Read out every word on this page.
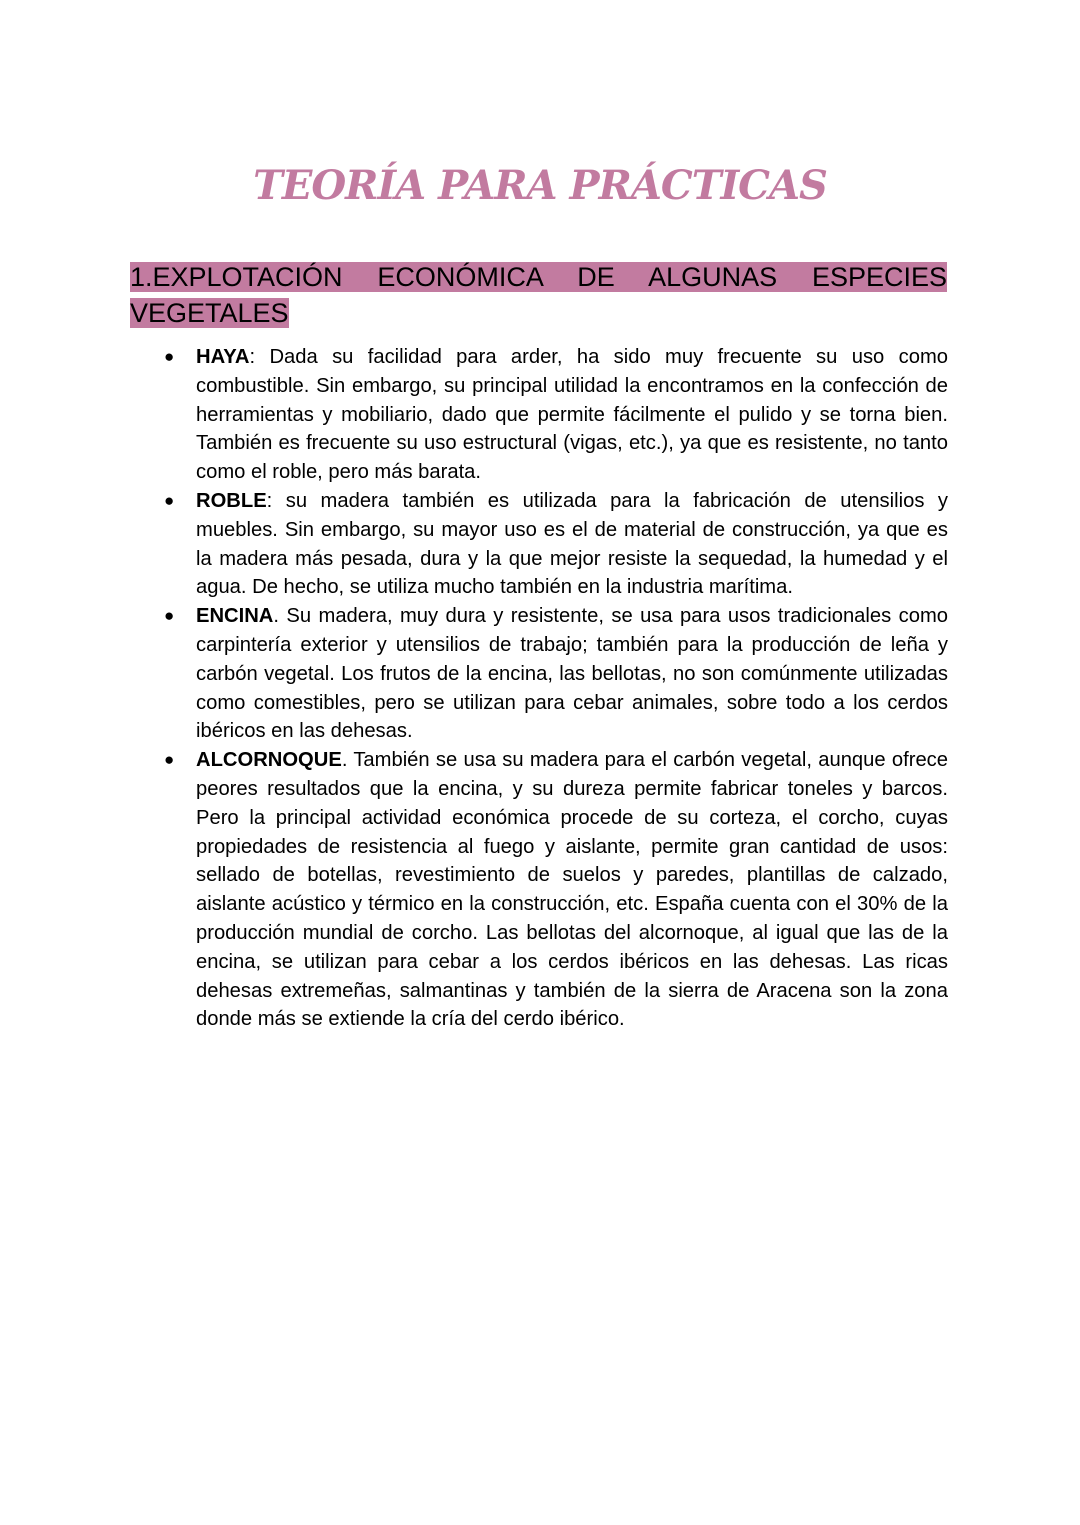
TEORÍA PARA PRÁCTICAS
1.EXPLOTACIÓN ECONÓMICA DE ALGUNAS ESPECIES VEGETALES
● HAYA: Dada su facilidad para arder, ha sido muy frecuente su uso como combustible. Sin embargo, su principal utilidad la encontramos en la confección de herramientas y mobiliario, dado que permite fácilmente el pulido y se torna bien. También es frecuente su uso estructural (vigas, etc.), ya que es resistente, no tanto como el roble, pero más barata.
● ROBLE: su madera también es utilizada para la fabricación de utensilios y muebles. Sin embargo, su mayor uso es el de material de construcción, ya que es la madera más pesada, dura y la que mejor resiste la sequedad, la humedad y el agua. De hecho, se utiliza mucho también en la industria marítima.
● ENCINA. Su madera, muy dura y resistente, se usa para usos tradicionales como carpintería exterior y utensilios de trabajo; también para la producción de leña y carbón vegetal. Los frutos de la encina, las bellotas, no son comúnmente utilizadas como comestibles, pero se utilizan para cebar animales, sobre todo a los cerdos ibéricos en las dehesas.
● ALCORNOQUE. También se usa su madera para el carbón vegetal, aunque ofrece peores resultados que la encina, y su dureza permite fabricar toneles y barcos. Pero la principal actividad económica procede de su corteza, el corcho, cuyas propiedades de resistencia al fuego y aislante, permite gran cantidad de usos: sellado de botellas, revestimiento de suelos y paredes, plantillas de calzado, aislante acústico y térmico en la construcción, etc. España cuenta con el 30% de la producción mundial de corcho. Las bellotas del alcornoque, al igual que las de la encina, se utilizan para cebar a los cerdos ibéricos en las dehesas. Las ricas dehesas extremeñas, salmantinas y también de la sierra de Aracena son la zona donde más se extiende la cría del cerdo ibérico.
